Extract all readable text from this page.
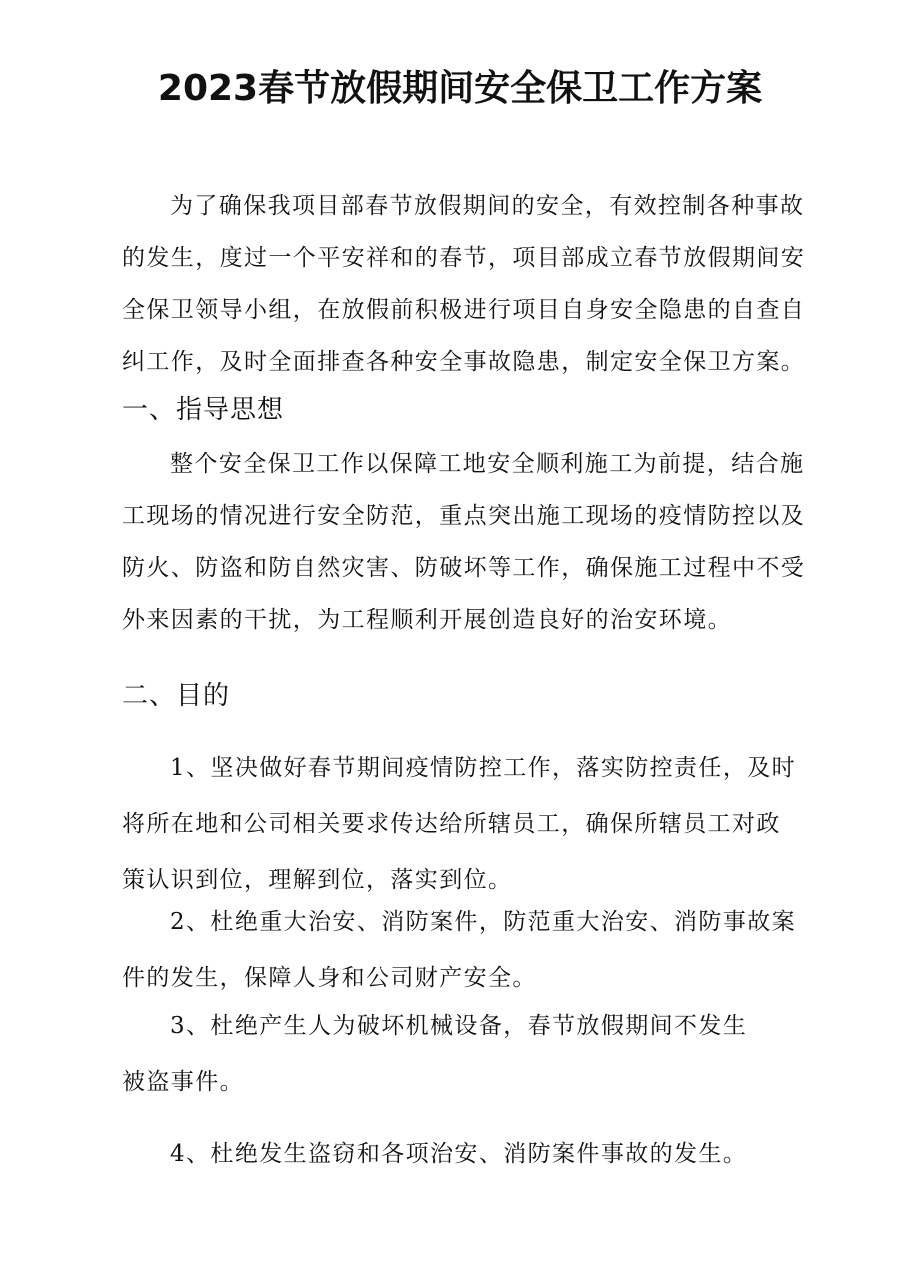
2023春节放假期间安全保卫工作方案

为了确保我项目部春节放假期间的安全，有效控制各种事故
的发生，度过一个平安祥和的春节，项目部成立春节放假期间安
全保卫领导小组，在放假前积极进行项目自身安全隐患的自查自
纠工作，及时全面排查各种安全事故隐患，制定安全保卫方案。

一、指导思想

整个安全保卫工作以保障工地安全顺利施工为前提，结合施
工现场的情况进行安全防范，重点突出施工现场的疫情防控以及
防火、防盗和防自然灾害、防破坏等工作，确保施工过程中不受
外来因素的干扰，为工程顺利开展创造良好的治安环境。

二、目的

1、坚决做好春节期间疫情防控工作，落实防控责任，及时
将所在地和公司相关要求传达给所辖员工，确保所辖员工对政
策认识到位，理解到位，落实到位。

2、杜绝重大治安、消防案件，防范重大治安、消防事故案
件的发生，保障人身和公司财产安全。

3、杜绝产生人为破坏机械设备，春节放假期间不发生
被盗事件。

4、杜绝发生盗窃和各项治安、消防案件事故的发生。
